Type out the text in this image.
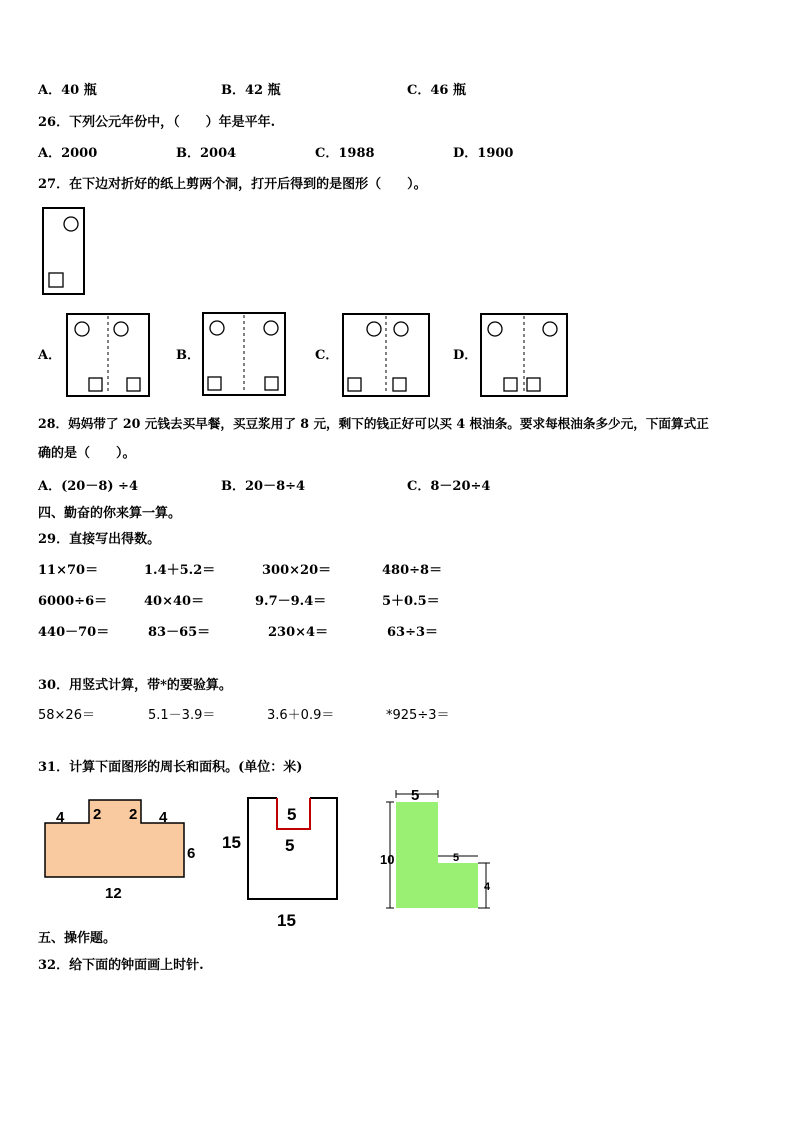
A．40 瓶	B．42 瓶	C．46 瓶
26．下列公元年份中，（　　）年是平年.
A．2000	B．2004	C．1988	D．1900
27．在下边对折好的纸上剪两个洞，打开后得到的是图形（　　）。
A．	B．	C．	D．
28．妈妈带了 20 元钱去买早餐，买豆浆用了 8 元，剩下的钱正好可以买 4 根油条。要求每根油条多少元，下面算式正
确的是（　　）。
A．(20－8) ÷4	B．20－8÷4	C．8－20÷4
四、勤奋的你来算一算。
29．直接写出得数。
11×70＝	1.4＋5.2＝	300×20＝	480÷8＝
6000÷6＝	40×40＝	9.7－9.4＝	5＋0.5＝
440－70＝	83－65＝	230×4＝	63÷3＝
30．用竖式计算，带*的要验算。
58×26＝	5.1－3.9＝	3.6＋0.9＝	*925÷3＝
31．计算下面图形的周长和面积。(单位：米)
4 2 2 4
6
12
15
5
5
15
5
10	5
4
五、操作题。
32．给下面的钟面画上时针.
